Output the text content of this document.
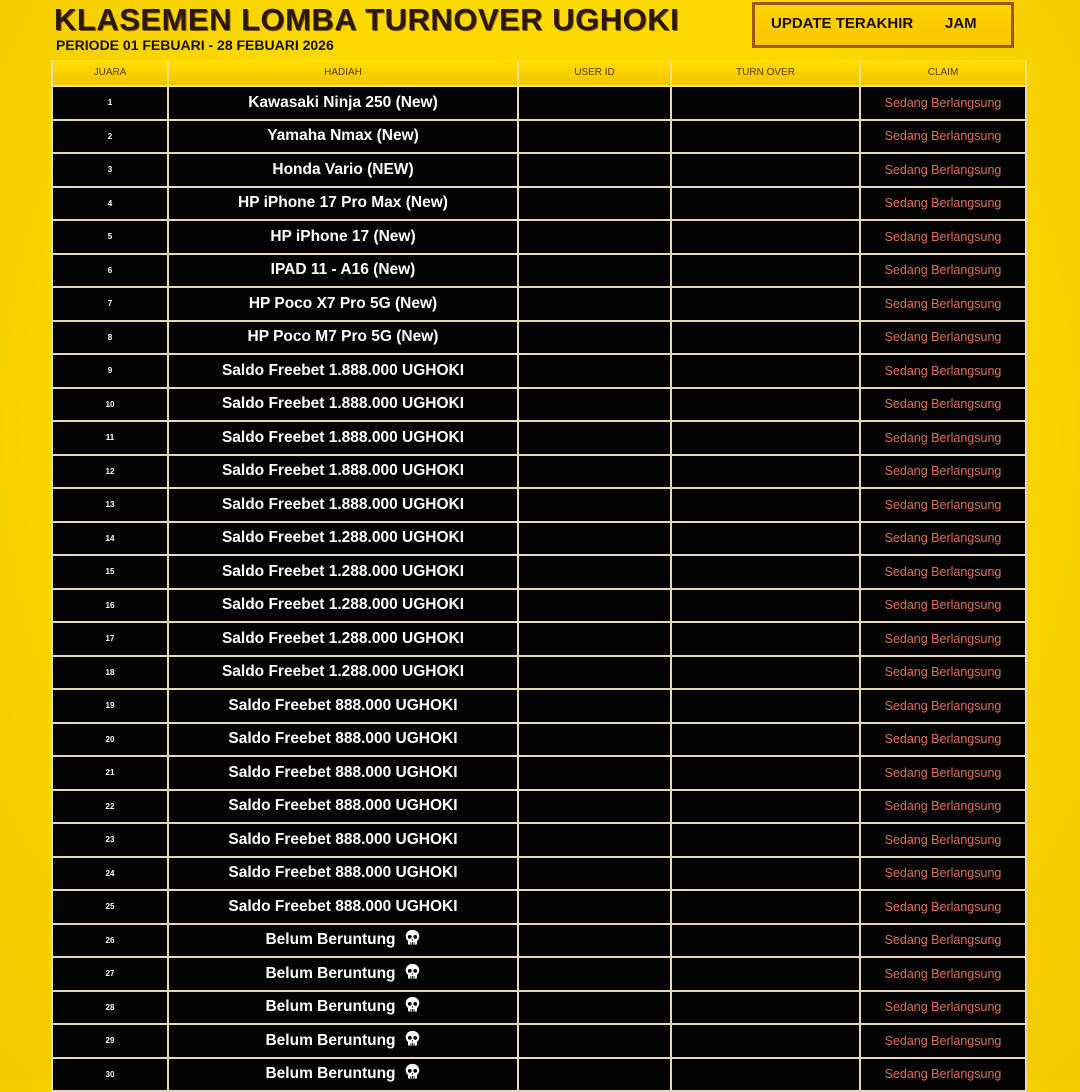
KLASEMEN LOMBA TURNOVER UGHOKI
PERIODE 01 FEBUARI - 28 FEBUARI 2026
UPDATE TERAKHIR JAM
JUARA	HADIAH	USER ID	TURN OVER	CLAIM
1	Kawasaki Ninja 250 (New)			Sedang Berlangsung
2	Yamaha Nmax (New)			Sedang Berlangsung
3	Honda Vario (NEW)			Sedang Berlangsung
4	HP iPhone 17 Pro Max (New)			Sedang Berlangsung
5	HP iPhone 17 (New)			Sedang Berlangsung
6	IPAD 11 - A16 (New)			Sedang Berlangsung
7	HP Poco X7 Pro 5G (New)			Sedang Berlangsung
8	HP Poco M7 Pro 5G (New)			Sedang Berlangsung
9	Saldo Freebet 1.888.000 UGHOKI			Sedang Berlangsung
10	Saldo Freebet 1.888.000 UGHOKI			Sedang Berlangsung
11	Saldo Freebet 1.888.000 UGHOKI			Sedang Berlangsung
12	Saldo Freebet 1.888.000 UGHOKI			Sedang Berlangsung
13	Saldo Freebet 1.888.000 UGHOKI			Sedang Berlangsung
14	Saldo Freebet 1.288.000 UGHOKI			Sedang Berlangsung
15	Saldo Freebet 1.288.000 UGHOKI			Sedang Berlangsung
16	Saldo Freebet 1.288.000 UGHOKI			Sedang Berlangsung
17	Saldo Freebet 1.288.000 UGHOKI			Sedang Berlangsung
18	Saldo Freebet 1.288.000 UGHOKI			Sedang Berlangsung
19	Saldo Freebet 888.000 UGHOKI			Sedang Berlangsung
20	Saldo Freebet 888.000 UGHOKI			Sedang Berlangsung
21	Saldo Freebet 888.000 UGHOKI			Sedang Berlangsung
22	Saldo Freebet 888.000 UGHOKI			Sedang Berlangsung
23	Saldo Freebet 888.000 UGHOKI			Sedang Berlangsung
24	Saldo Freebet 888.000 UGHOKI			Sedang Berlangsung
25	Saldo Freebet 888.000 UGHOKI			Sedang Berlangsung
26	Belum Beruntung			Sedang Berlangsung
27	Belum Beruntung			Sedang Berlangsung
28	Belum Beruntung			Sedang Berlangsung
29	Belum Beruntung			Sedang Berlangsung
30	Belum Beruntung			Sedang Berlangsung
